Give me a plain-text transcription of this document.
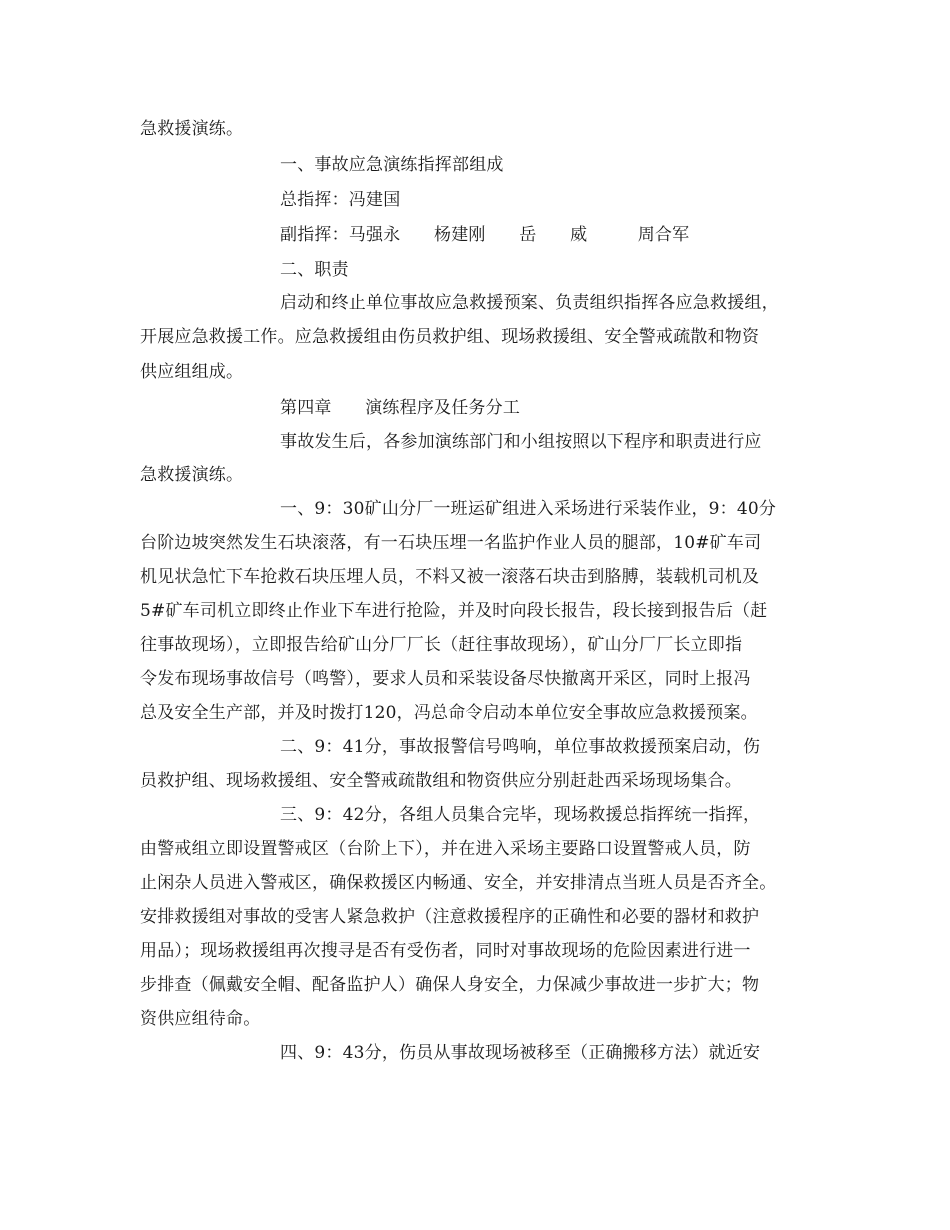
急救援演练。
一、事故应急演练指挥部组成
总指挥：冯建国
副指挥：马强永      杨建刚      岳      威         周合军
二、职责
启动和终止单位事故应急救援预案、负责组织指挥各应急救援组，
开展应急救援工作。应急救援组由伤员救护组、现场救援组、安全警戒疏散和物资
供应组组成。
第四章      演练程序及任务分工
事故发生后，各参加演练部门和小组按照以下程序和职责进行应
急救援演练。
一、9：30矿山分厂一班运矿组进入采场进行采装作业，9：40分
台阶边坡突然发生石块滚落，有一石块压埋一名监护作业人员的腿部，10#矿车司
机见状急忙下车抢救石块压埋人员，不料又被一滚落石块击到胳膊，装载机司机及
5#矿车司机立即终止作业下车进行抢险，并及时向段长报告，段长接到报告后（赶
往事故现场），立即报告给矿山分厂厂长（赶往事故现场），矿山分厂厂长立即指
令发布现场事故信号（鸣警），要求人员和采装设备尽快撤离开采区，同时上报冯
总及安全生产部，并及时拨打120，冯总命令启动本单位安全事故应急救援预案。
二、9：41分，事故报警信号鸣响，单位事故救援预案启动，伤
员救护组、现场救援组、安全警戒疏散组和物资供应分别赶赴西采场现场集合。
三、9：42分，各组人员集合完毕，现场救援总指挥统一指挥，
由警戒组立即设置警戒区（台阶上下），并在进入采场主要路口设置警戒人员，防
止闲杂人员进入警戒区，确保救援区内畅通、安全，并安排清点当班人员是否齐全。
安排救援组对事故的受害人紧急救护（注意救援程序的正确性和必要的器材和救护
用品）；现场救援组再次搜寻是否有受伤者，同时对事故现场的危险因素进行进一
步排查（佩戴安全帽、配备监护人）确保人身安全，力保减少事故进一步扩大；物
资供应组待命。
四、9：43分，伤员从事故现场被移至（正确搬移方法）就近安
